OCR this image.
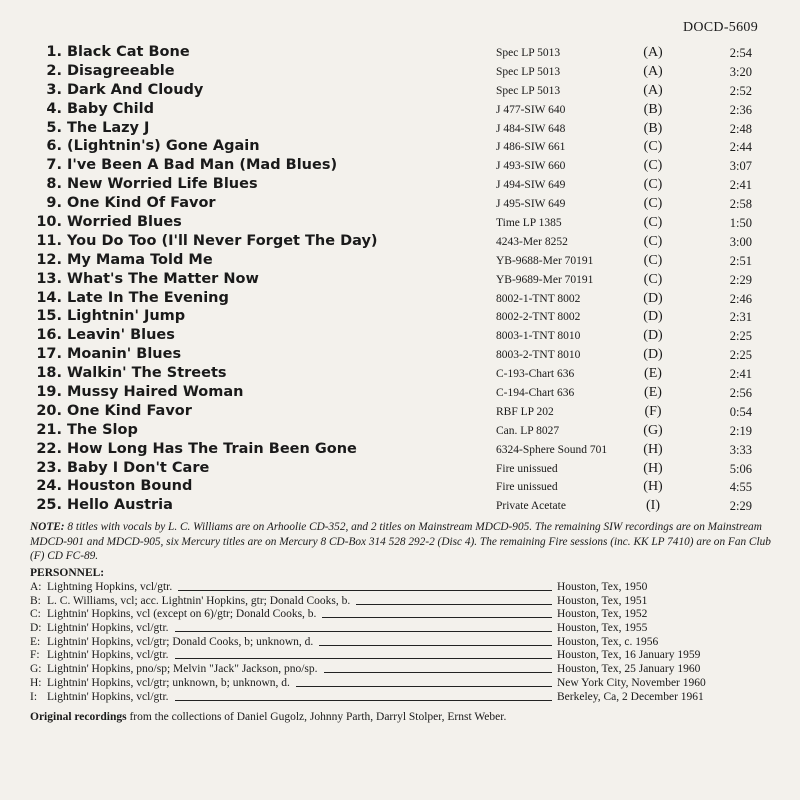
DOCD-5609
1. Black Cat Bone	Spec LP 5013	(A)	2:54
2. Disagreeable	Spec LP 5013	(A)	3:20
3. Dark And Cloudy	Spec LP 5013	(A)	2:52
4. Baby Child	J 477-SIW 640	(B)	2:36
5. The Lazy J	J 484-SIW 648	(B)	2:48
6. (Lightnin's) Gone Again	J 486-SIW 661	(C)	2:44
7. I've Been A Bad Man (Mad Blues)	J 493-SIW 660	(C)	3:07
8. New Worried Life Blues	J 494-SIW 649	(C)	2:41
9. One Kind Of Favor	J 495-SIW 649	(C)	2:58
10. Worried Blues	Time LP 1385	(C)	1:50
11. You Do Too (I'll Never Forget The Day)	4243-Mer 8252	(C)	3:00
12. My Mama Told Me	YB-9688-Mer 70191	(C)	2:51
13. What's The Matter Now	YB-9689-Mer 70191	(C)	2:29
14. Late In The Evening	8002-1-TNT 8002	(D)	2:46
15. Lightnin' Jump	8002-2-TNT 8002	(D)	2:31
16. Leavin' Blues	8003-1-TNT 8010	(D)	2:25
17. Moanin' Blues	8003-2-TNT 8010	(D)	2:25
18. Walkin' The Streets	C-193-Chart 636	(E)	2:41
19. Mussy Haired Woman	C-194-Chart 636	(E)	2:56
20. One Kind Favor	RBF LP 202	(F)	0:54
21. The Slop	Can. LP 8027	(G)	2:19
22. How Long Has The Train Been Gone	6324-Sphere Sound 701	(H)	3:33
23. Baby I Don't Care	Fire unissued	(H)	5:06
24. Houston Bound	Fire unissued	(H)	4:55
25. Hello Austria	Private Acetate	(I)	2:29
NOTE: 8 titles with vocals by L. C. Williams are on Arhoolie CD-352, and 2 titles on Mainstream MDCD-905. The remaining SIW recordings are on Mainstream MDCD-901 and MDCD-905, six Mercury titles are on Mercury 8 CD-Box 314 528 292-2 (Disc 4). The remaining Fire sessions (inc. KK LP 7410) are on Fan Club (F) CD FC-89.
PERSONNEL:
A: Lightning Hopkins, vcl/gtr.	Houston, Tex, 1950
B: L. C. Williams, vcl; acc. Lightnin' Hopkins, gtr; Donald Cooks, b.	Houston, Tex, 1951
C: Lightnin' Hopkins, vcl (except on 6)/gtr; Donald Cooks, b.	Houston, Tex, 1952
D: Lightnin' Hopkins, vcl/gtr.	Houston, Tex, 1955
E: Lightnin' Hopkins, vcl/gtr; Donald Cooks, b; unknown, d.	Houston, Tex, c. 1956
F: Lightnin' Hopkins, vcl/gtr.	Houston, Tex, 16 January 1959
G: Lightnin' Hopkins, pno/sp; Melvin "Jack" Jackson, pno/sp.	Houston, Tex, 25 January 1960
H: Lightnin' Hopkins, vcl/gtr; unknown, b; unknown, d.	New York City, November 1960
I: Lightnin' Hopkins, vcl/gtr.	Berkeley, Ca, 2 December 1961
Original recordings from the collections of Daniel Gugolz, Johnny Parth, Darryl Stolper, Ernst Weber.
